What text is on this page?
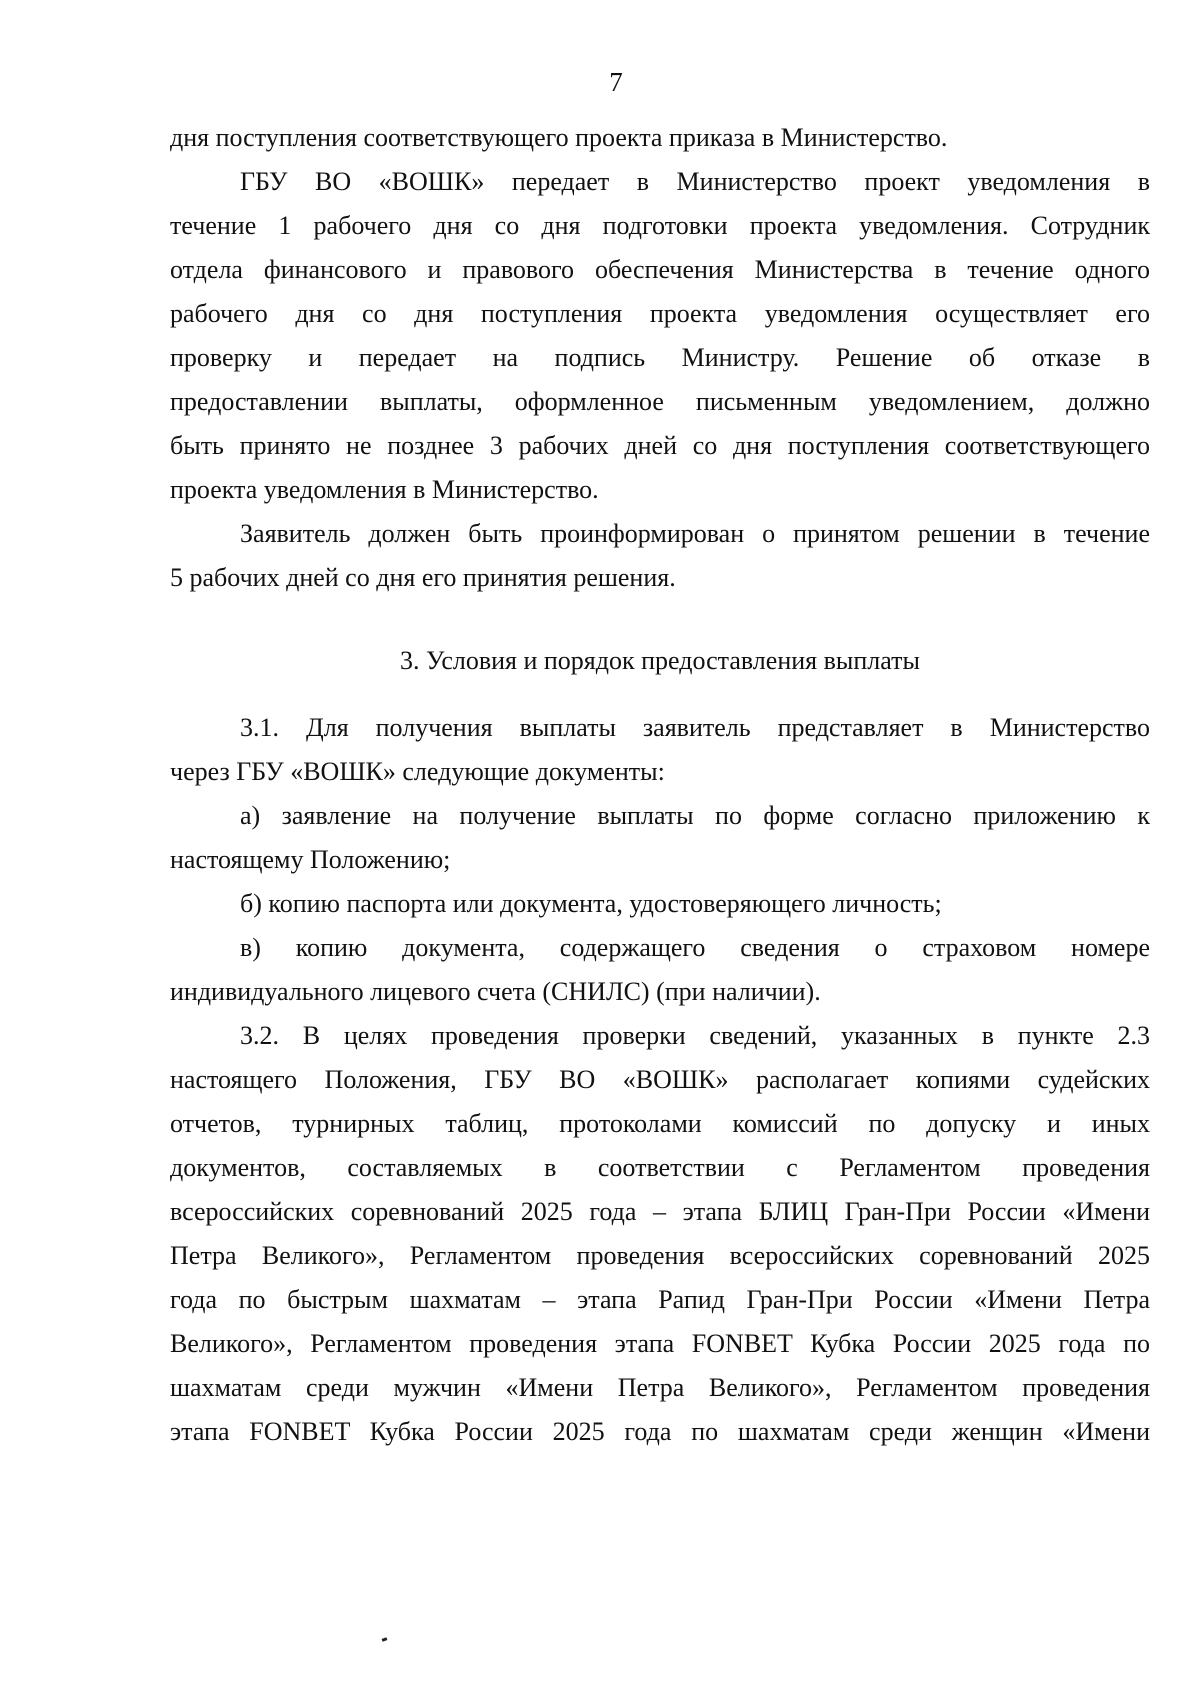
7
дня поступления соответствующего проекта приказа в Министерство.
ГБУ ВО «ВОШК» передает в Министерство проект уведомления в
течение 1 рабочего дня со дня подготовки проекта уведомления. Сотрудник
отдела финансового и правового обеспечения Министерства в течение одного
рабочего дня со дня поступления проекта уведомления осуществляет его
проверку и передает на подпись Министру. Решение об отказе в
предоставлении выплаты, оформленное письменным уведомлением, должно
быть принято не позднее 3 рабочих дней со дня поступления соответствующего
проекта уведомления в Министерство.
Заявитель должен быть проинформирован о принятом решении в течение
5 рабочих дней со дня его принятия решения.
3. Условия и порядок предоставления выплаты
3.1. Для получения выплаты заявитель представляет в Министерство
через ГБУ «ВОШК» следующие документы:
а) заявление на получение выплаты по форме согласно приложению к
настоящему Положению;
б) копию паспорта или документа, удостоверяющего личность;
в) копию документа, содержащего сведения о страховом номере
индивидуального лицевого счета (СНИЛС) (при наличии).
3.2. В целях проведения проверки сведений, указанных в пункте 2.3
настоящего Положения, ГБУ ВО «ВОШК» располагает копиями судейских
отчетов, турнирных таблиц, протоколами комиссий по допуску и иных
документов, составляемых в соответствии с Регламентом проведения
всероссийских соревнований 2025 года – этапа БЛИЦ Гран-При России «Имени
Петра Великого», Регламентом проведения всероссийских соревнований 2025
года по быстрым шахматам – этапа Рапид Гран-При России «Имени Петра
Великого», Регламентом проведения этапа FONBET Кубка России 2025 года по
шахматам среди мужчин «Имени Петра Великого», Регламентом проведения
этапа FONBET Кубка России 2025 года по шахматам среди женщин «Имени
